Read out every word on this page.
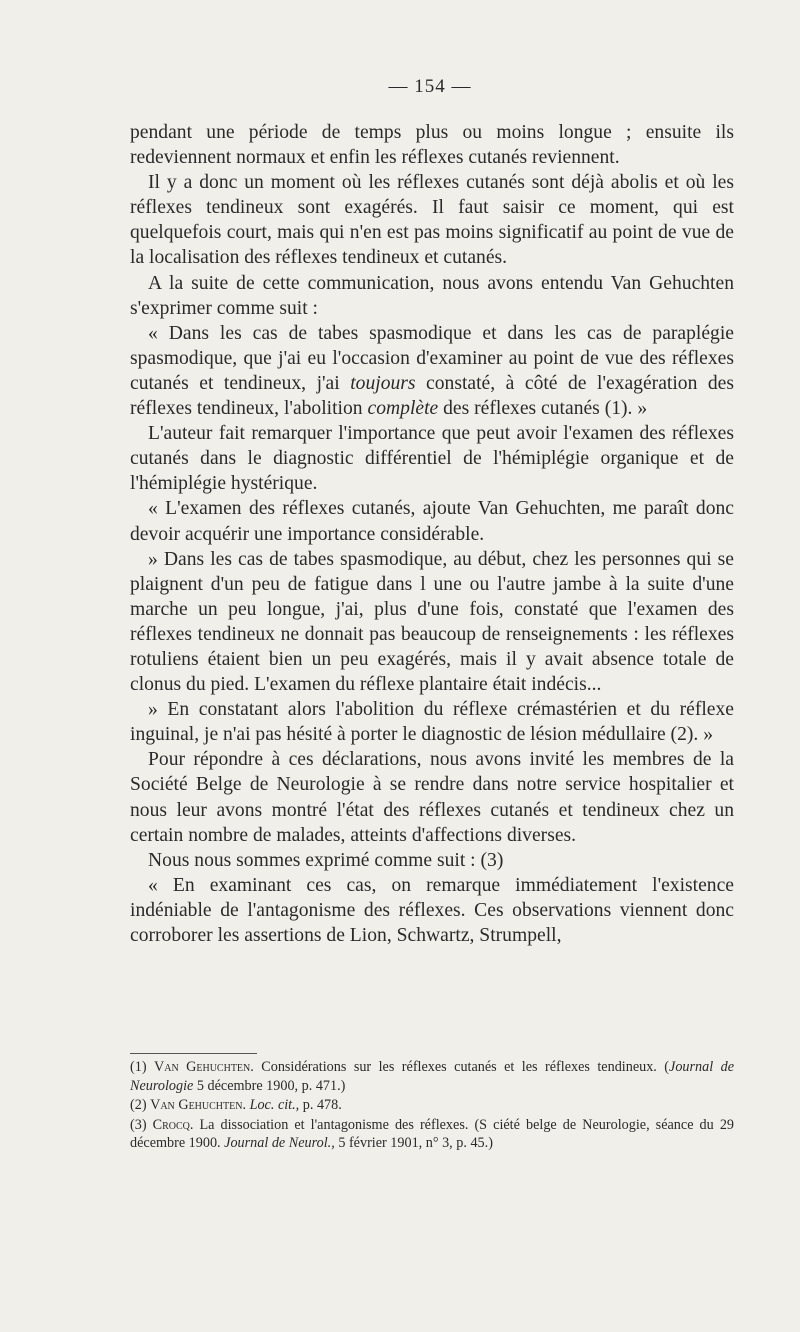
— 154 —

pendant une période de temps plus ou moins longue ; ensuite ils redeviennent normaux et enfin les réflexes cutanés reviennent.

Il y a donc un moment où les réflexes cutanés sont déjà abolis et où les réflexes tendineux sont exagérés. Il faut saisir ce moment, qui est quelquefois court, mais qui n'en est pas moins significatif au point de vue de la localisation des réflexes tendineux et cutanés.

A la suite de cette communication, nous avons entendu Van Gehuchten s'exprimer comme suit :

« Dans les cas de tabes spasmodique et dans les cas de paraplégie spasmodique, que j'ai eu l'occasion d'examiner au point de vue des réflexes cutanés et tendineux, j'ai toujours constaté, à côté de l'exagération des réflexes tendineux, l'abolition complète des réflexes cutanés (1). »

L'auteur fait remarquer l'importance que peut avoir l'examen des réflexes cutanés dans le diagnostic différentiel de l'hémiplégie organique et de l'hémiplégie hystérique.

« L'examen des réflexes cutanés, ajoute Van Gehuchten, me paraît donc devoir acquérir une importance considérable.

» Dans les cas de tabes spasmodique, au début, chez les personnes qui se plaignent d'un peu de fatigue dans l une ou l'autre jambe à la suite d'une marche un peu longue, j'ai, plus d'une fois, constaté que l'examen des réflexes tendineux ne donnait pas beaucoup de renseignements : les réflexes rotuliens étaient bien un peu exagérés, mais il y avait absence totale de clonus du pied. L'examen du réflexe plantaire était indécis...

» En constatant alors l'abolition du réflexe crémastérien et du réflexe inguinal, je n'ai pas hésité à porter le diagnostic de lésion médullaire (2). »

Pour répondre à ces déclarations, nous avons invité les membres de la Société Belge de Neurologie à se rendre dans notre service hospitalier et nous leur avons montré l'état des réflexes cutanés et tendineux chez un certain nombre de malades, atteints d'affections diverses.

Nous nous sommes exprimé comme suit : (3)

« En examinant ces cas, on remarque immédiatement l'existence indéniable de l'antagonisme des réflexes. Ces observations viennent donc corroborer les assertions de Lion, Schwartz, Strumpell,

(1) Van Gehuchten. Considérations sur les réflexes cutanés et les réflexes tendineux. (Journal de Neurologie 5 décembre 1900, p. 471.)

(2) Van Gehuchten. Loc. cit., p. 478.

(3) Crocq. La dissociation et l'antagonisme des réflexes. (S ciété belge de Neurologie, séance du 29 décembre 1900. Journal de Neurol., 5 février 1901, n° 3, p. 45.)
